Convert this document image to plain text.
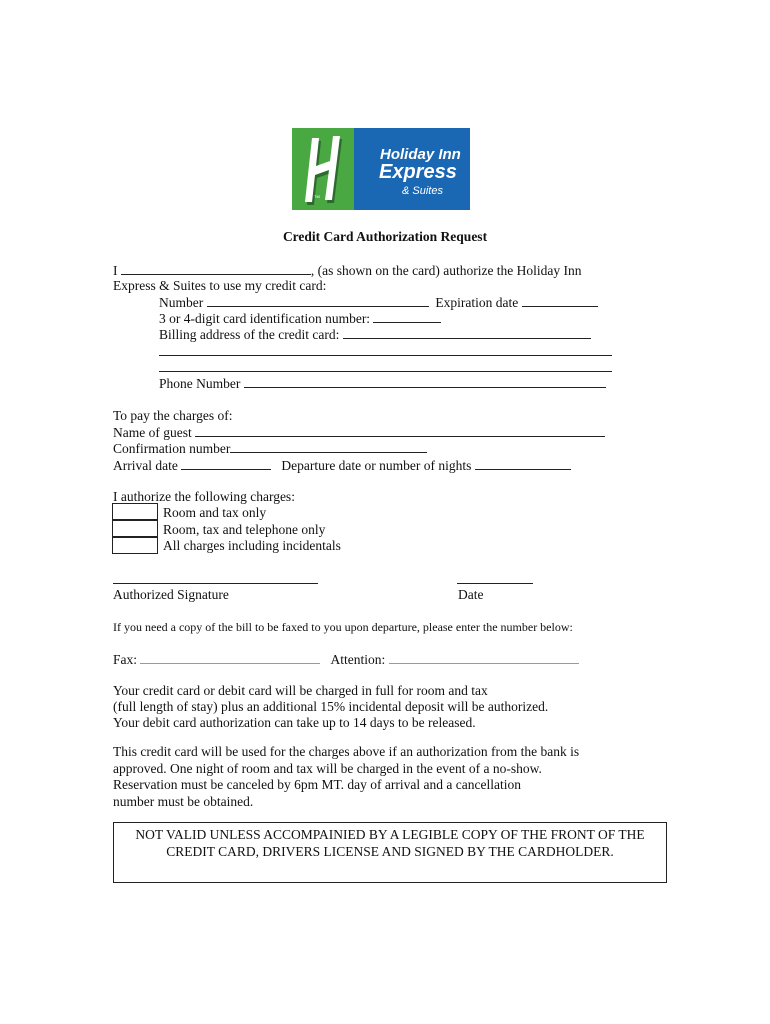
TM
Holiday Inn
Express
& Suites
Credit Card Authorization Request
I	, (as shown on the card) authorize the Holiday Inn
Express & Suites to use my credit card:
Number	Expiration date
3 or 4-digit card identification number:
Billing address of the credit card:
Phone Number
To pay the charges of:
Name of guest
Confirmation number
Arrival date	Departure date or number of nights
I authorize the following charges:
Room and tax only
Room, tax and telephone only
All charges including incidentals
Authorized Signature	Date
If you need a copy of the bill to be faxed to you upon departure, please enter the number below:
Fax:	Attention:
Your credit card or debit card will be charged in full for room and tax
(full length of stay) plus an additional 15% incidental deposit will be authorized.
Your debit card authorization can take up to 14 days to be released.
This credit card will be used for the charges above if an authorization from the bank is
approved. One night of room and tax will be charged in the event of a no-show.
Reservation must be canceled by 6pm MT. day of arrival and a cancellation
number must be obtained.
NOT VALID UNLESS ACCOMPAINIED BY A LEGIBLE COPY OF THE FRONT OF THE CREDIT CARD, DRIVERS LICENSE AND SIGNED BY THE CARDHOLDER.
